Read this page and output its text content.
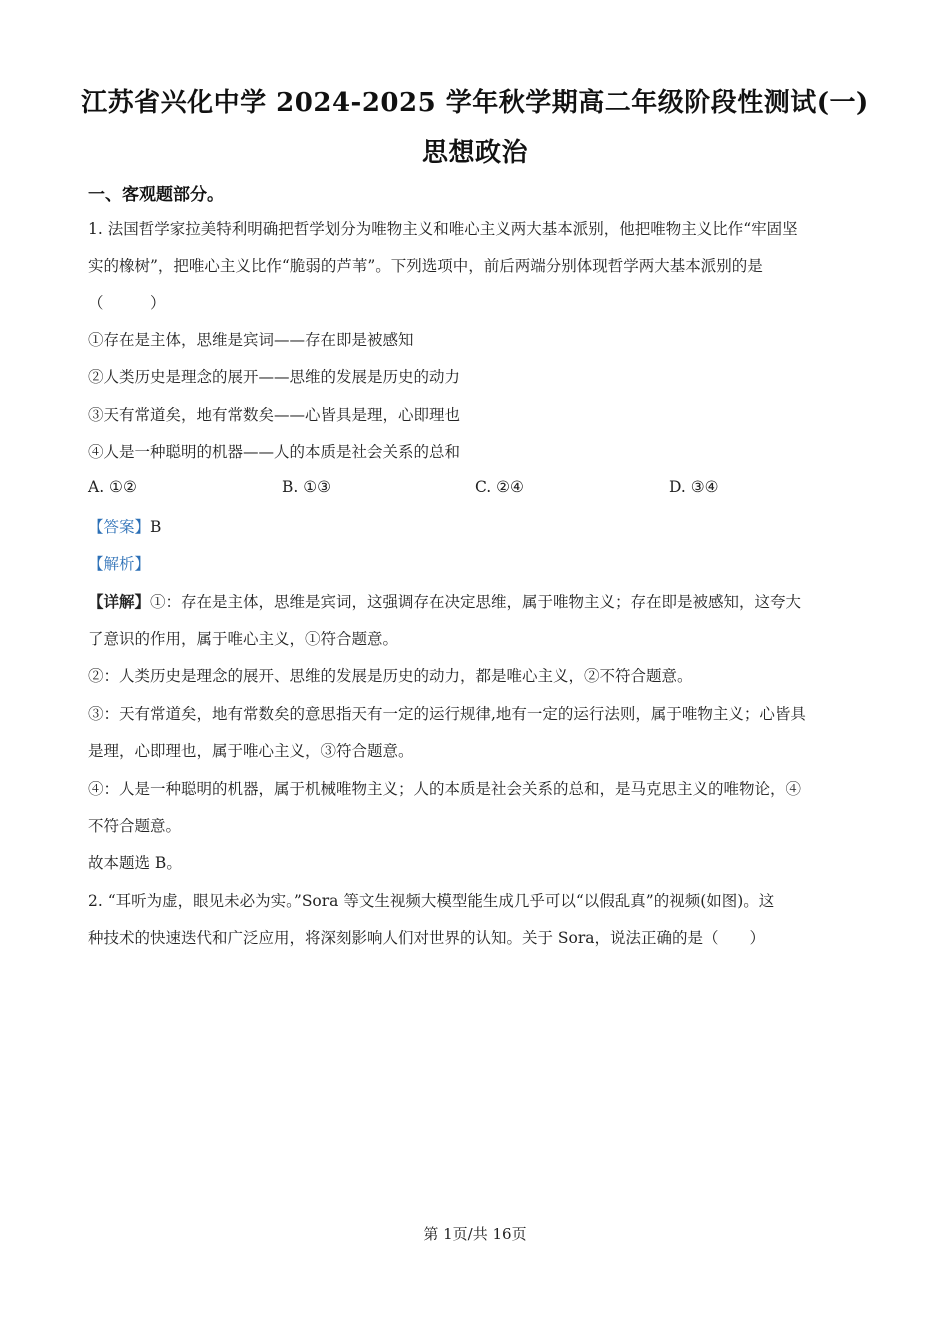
江苏省兴化中学 2024-2025 学年秋学期高二年级阶段性测试(一)
思想政治
一、客观题部分。
1. 法国哲学家拉美特利明确把哲学划分为唯物主义和唯心主义两大基本派别，他把唯物主义比作“牢固坚
实的橡树”，把唯心主义比作“脆弱的芦苇”。下列选项中，前后两端分别体现哲学两大基本派别的是
（　　　）
①存在是主体，思维是宾词——存在即是被感知
②人类历史是理念的展开——思维的发展是历史的动力
③天有常道矣，地有常数矣——心皆具是理，心即理也
④人是一种聪明的机器——人的本质是社会关系的总和
A. ①②	B. ①③	C. ②④	D. ③④
【答案】B
【解析】
【详解】①：存在是主体，思维是宾词，这强调存在决定思维，属于唯物主义；存在即是被感知，这夸大
了意识的作用，属于唯心主义，①符合题意。
②：人类历史是理念的展开、思维的发展是历史的动力，都是唯心主义，②不符合题意。
③：天有常道矣，地有常数矣的意思指天有一定的运行规律,地有一定的运行法则，属于唯物主义；心皆具
是理，心即理也，属于唯心主义，③符合题意。
④：人是一种聪明的机器，属于机械唯物主义；人的本质是社会关系的总和，是马克思主义的唯物论，④
不符合题意。
故本题选 B。
2. “耳听为虚，眼见未必为实。”Sora 等文生视频大模型能生成几乎可以“以假乱真”的视频(如图)。这
种技术的快速迭代和广泛应用，将深刻影响人们对世界的认知。关于 Sora，说法正确的是（　　）
第 1页/共 16页
